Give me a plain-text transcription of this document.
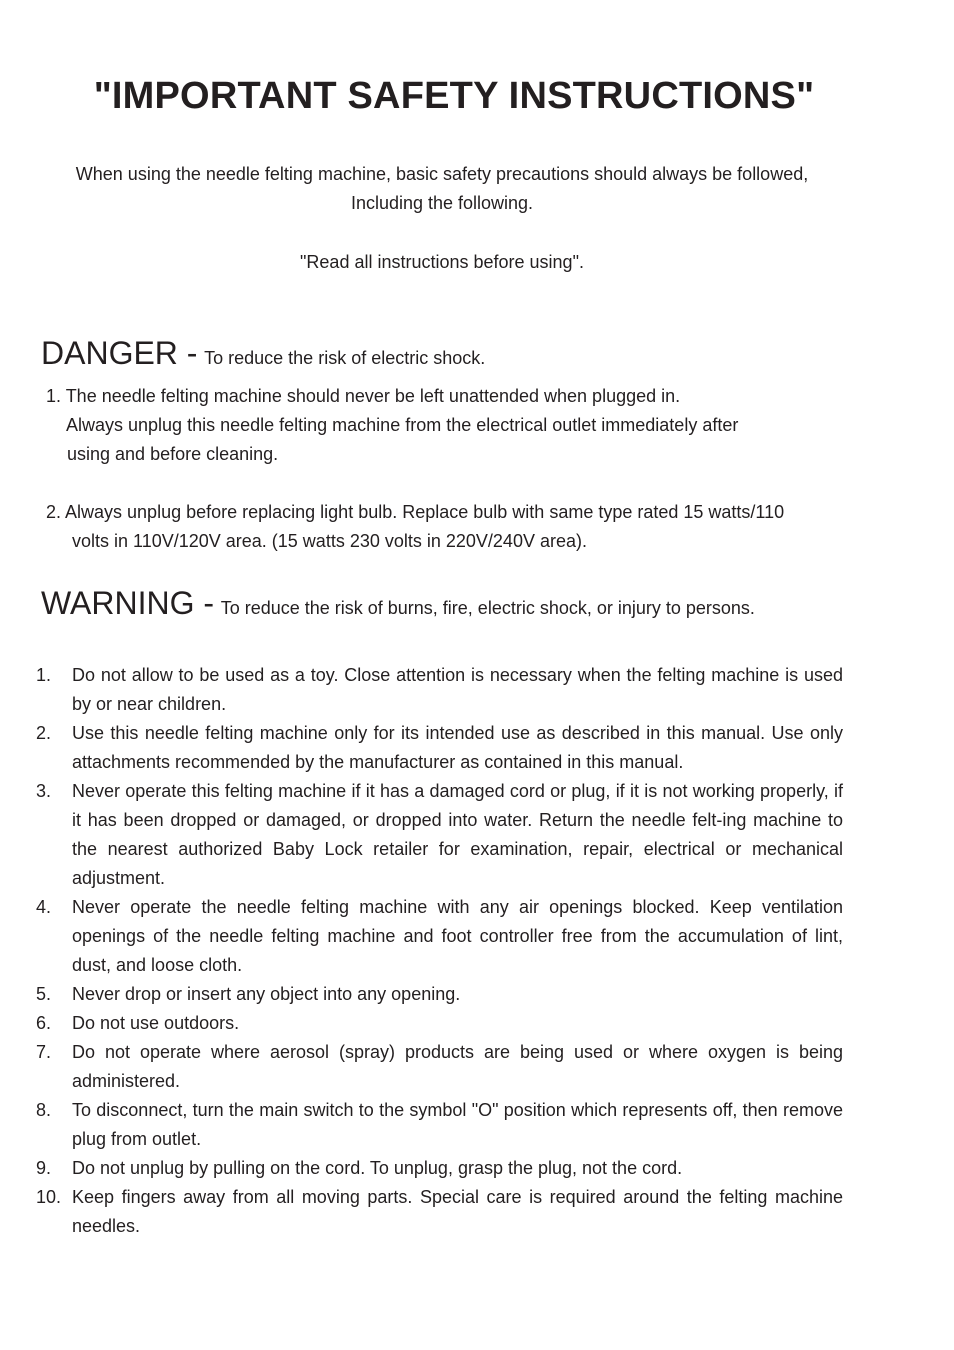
"IMPORTANT SAFETY INSTRUCTIONS"

When using the needle felting machine, basic safety precautions should always be followed,
Including the following.

"Read all instructions before using".

DANGER - To reduce the risk of electric shock.
1. The needle felting machine should never be left unattended when plugged in.
Always unplug this needle felting machine from the electrical outlet immediately after
using and before cleaning.
2. Always unplug before replacing light bulb. Replace bulb with same type rated 15 watts/110
volts in 110V/120V area. (15 watts 230 volts in 220V/240V area).
WARNING - To reduce the risk of burns, fire, electric shock, or injury to persons.
1.	Do not allow to be used as a toy. Close attention is necessary when the felting machine is used by or near children.
2.	Use this needle felting machine only for its intended use as described in this manual. Use only attachments recommended by the manufacturer as contained in this manual.
3.	Never operate this felting machine if it has a damaged cord or plug, if it is not working properly, if it has been dropped or damaged, or dropped into water. Return the needle felt-ing machine to the nearest authorized Baby Lock retailer for examination, repair, electrical or mechanical adjustment.
4.	Never operate the needle felting machine with any air openings blocked. Keep ventilation openings of the needle felting machine and foot controller free from the accumulation of lint, dust, and loose cloth.
5.	Never drop or insert any object into any opening.
6.	Do not use outdoors.
7.	Do not operate where aerosol (spray) products are being used or where oxygen is being administered.
8.	To disconnect, turn the main switch to the symbol "O" position which represents off, then remove plug from outlet.
9.	Do not unplug by pulling on the cord. To unplug, grasp the plug, not the cord.
10. Keep fingers away from all moving parts. Special care is required around the felting machine needles.
